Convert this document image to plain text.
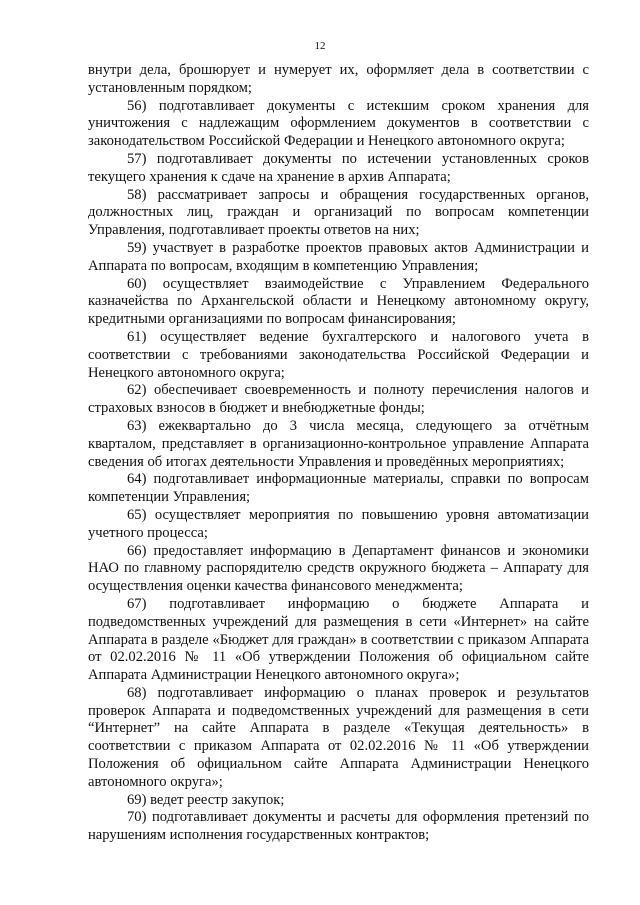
12

внутри дела, брошюрует и нумерует их, оформляет дела в соответствии с установленным порядком;

56) подготавливает документы с истекшим сроком хранения для уничтожения с надлежащим оформлением документов в соответствии с законодательством Российской Федерации и Ненецкого автономного округа;

57) подготавливает документы по истечении установленных сроков текущего хранения к сдаче на хранение в архив Аппарата;

58) рассматривает запросы и обращения государственных органов, должностных лиц, граждан и организаций по вопросам компетенции Управления, подготавливает проекты ответов на них;

59) участвует в разработке проектов правовых актов Администрации и Аппарата по вопросам, входящим в компетенцию Управления;

60) осуществляет взаимодействие с Управлением Федерального казначейства по Архангельской области и Ненецкому автономному округу, кредитными организациями по вопросам финансирования;

61) осуществляет ведение бухгалтерского и налогового учета в соответствии с требованиями законодательства Российской Федерации и Ненецкого автономного округа;

62) обеспечивает своевременность и полноту перечисления налогов и страховых взносов в бюджет и внебюджетные фонды;

63) ежеквартально до 3 числа месяца, следующего за отчётным кварталом, представляет в организационно-контрольное управление Аппарата сведения об итогах деятельности Управления и проведённых мероприятиях;

64) подготавливает информационные материалы, справки по вопросам компетенции Управления;

65) осуществляет мероприятия по повышению уровня автоматизации учетного процесса;

66) предоставляет информацию в Департамент финансов и экономики НАО по главному распорядителю средств окружного бюджета – Аппарату для осуществления оценки качества финансового менеджмента;

67) подготавливает информацию о бюджете Аппарата и подведомственных учреждений для размещения в сети «Интернет» на сайте Аппарата в разделе «Бюджет для граждан» в соответствии с приказом Аппарата от 02.02.2016 № 11 «Об утверждении Положения об официальном сайте Аппарата Администрации Ненецкого автономного округа»;

68) подготавливает информацию о планах проверок и результатов проверок Аппарата и подведомственных учреждений для размещения в сети “Интернет” на сайте Аппарата в разделе «Текущая деятельность» в соответствии с приказом Аппарата от 02.02.2016 № 11 «Об утверждении Положения об официальном сайте Аппарата Администрации Ненецкого автономного округа»;

69) ведет реестр закупок;

70) подготавливает документы и расчеты для оформления претензий по нарушениям исполнения государственных контрактов;
